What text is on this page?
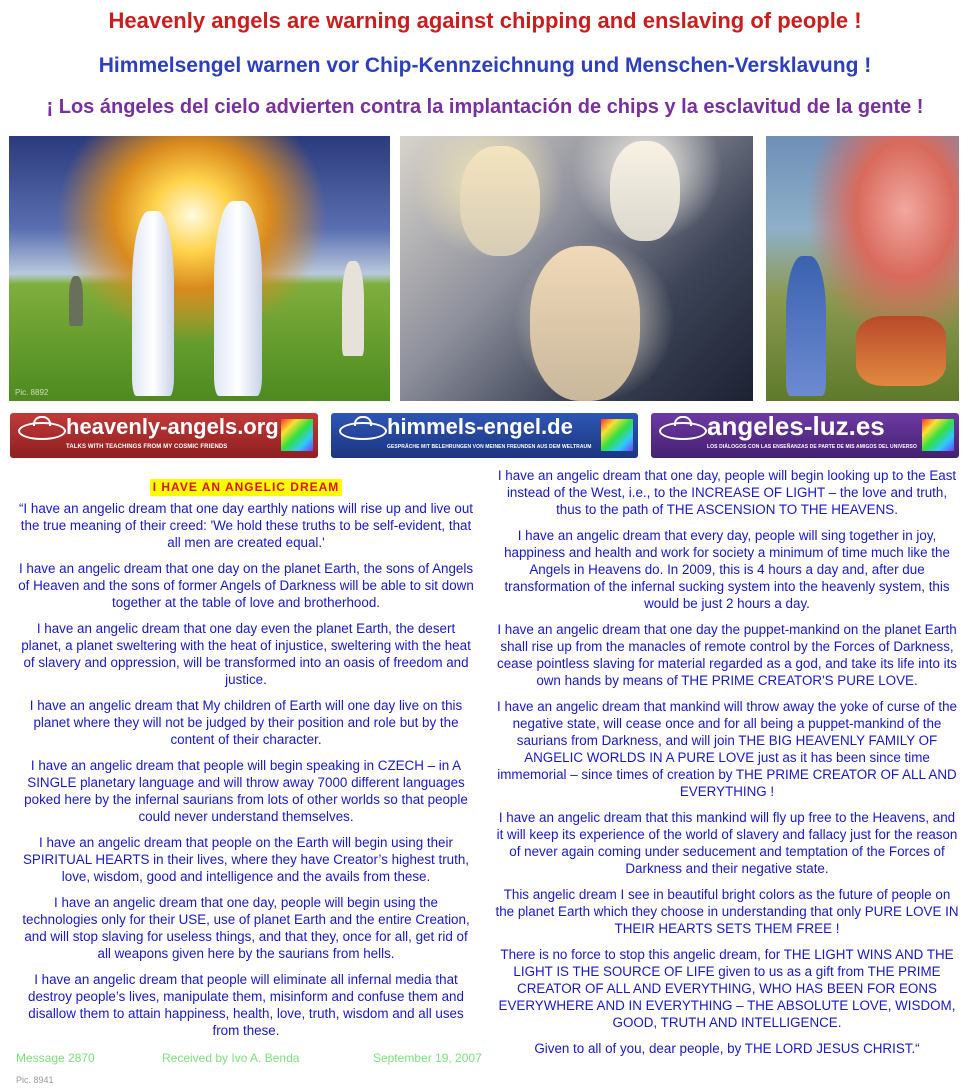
Heavenly angels are warning against chipping and enslaving of people !
Himmelsengel warnen vor Chip-Kennzeichnung und Menschen-Versklavung !
¡ Los ángeles del cielo advierten contra la implantación de chips y la esclavitud de la gente !
Pic. 8892
heavenly-angels.org
TALKS WITH TEACHINGS FROM MY COSMIC FRIENDS
himmels-engel.de
GESPRÄCHE MIT BELEHRUNGEN VON MEINEN FREUNDEN AUS DEM WELTRAUM
angeles-luz.es
LOS DIÁLOGOS CON LAS ENSEÑANZAS DE PARTE DE MIS AMIGOS DEL UNIVERSO
I HAVE AN ANGELIC DREAM

“I have an angelic dream that one day earthly nations will rise up and live out the true meaning of their creed: 'We hold these truths to be self-evident, that all men are created equal.'

I have an angelic dream that one day on the planet Earth, the sons of Angels of Heaven and the sons of former Angels of Darkness will be able to sit down together at the table of love and brotherhood.

I have an angelic dream that one day even the planet Earth, the desert planet, a planet sweltering with the heat of injustice, sweltering with the heat of slavery and oppression, will be transformed into an oasis of freedom and justice.

I have an angelic dream that My children of Earth will one day live on this planet where they will not be judged by their position and role but by the content of their character.

I have an angelic dream that people will begin speaking in CZECH – in A SINGLE planetary language and will throw away 7000 different languages poked here by the infernal saurians from lots of other worlds so that people could never understand themselves.

I have an angelic dream that people on the Earth will begin using their SPIRITUAL HEARTS in their lives, where they have Creator’s highest truth, love, wisdom, good and intelligence and the avails from these.

I have an angelic dream that one day, people will begin using the technologies only for their USE, use of planet Earth and the entire Creation, and will stop slaving for useless things, and that they, once for all, get rid of all weapons given here by the saurians from hells.

I have an angelic dream that people will eliminate all infernal media that destroy people’s lives, manipulate them, misinform and confuse them and disallow them to attain happiness, health, love, truth, wisdom and all uses from these.

I have an angelic dream that one day, people will begin looking up to the East instead of the West, i.e., to the INCREASE OF LIGHT – the love and truth, thus to the path of THE ASCENSION TO THE HEAVENS.

I have an angelic dream that every day, people will sing together in joy, happiness and health and work for society a minimum of time much like the Angels in Heavens do. In 2009, this is 4 hours a day and, after due transformation of the infernal sucking system into the heavenly system, this would be just 2 hours a day.

I have an angelic dream that one day the puppet-mankind on the planet Earth shall rise up from the manacles of remote control by the Forces of Darkness, cease pointless slaving for material regarded as a god, and take its life into its own hands by means of THE PRIME CREATOR'S PURE LOVE.

I have an angelic dream that mankind will throw away the yoke of curse of the negative state, will cease once and for all being a puppet-mankind of the saurians from Darkness, and will join THE BIG HEAVENLY FAMILY OF ANGELIC WORLDS IN A PURE LOVE just as it has been since time immemorial – since times of creation by THE PRIME CREATOR OF ALL AND EVERYTHING !

I have an angelic dream that this mankind will fly up free to the Heavens, and it will keep its experience of the world of slavery and fallacy just for the reason of never again coming under seducement and temptation of the Forces of Darkness and their negative state.

This angelic dream I see in beautiful bright colors as the future of people on the planet Earth which they choose in understanding that only PURE LOVE IN THEIR HEARTS SETS THEM FREE !

There is no force to stop this angelic dream, for THE LIGHT WINS AND THE LIGHT IS THE SOURCE OF LIFE given to us as a gift from THE PRIME CREATOR OF ALL AND EVERYTHING, WHO HAS BEEN FOR EONS EVERYWHERE AND IN EVERYTHING – THE ABSOLUTE LOVE, WISDOM, GOOD, TRUTH AND INTELLIGENCE.

Given to all of you, dear people, by THE LORD JESUS CHRIST.“

Message 2870	Received by Ivo A. Benda	September 19, 2007
Pic. 8941
